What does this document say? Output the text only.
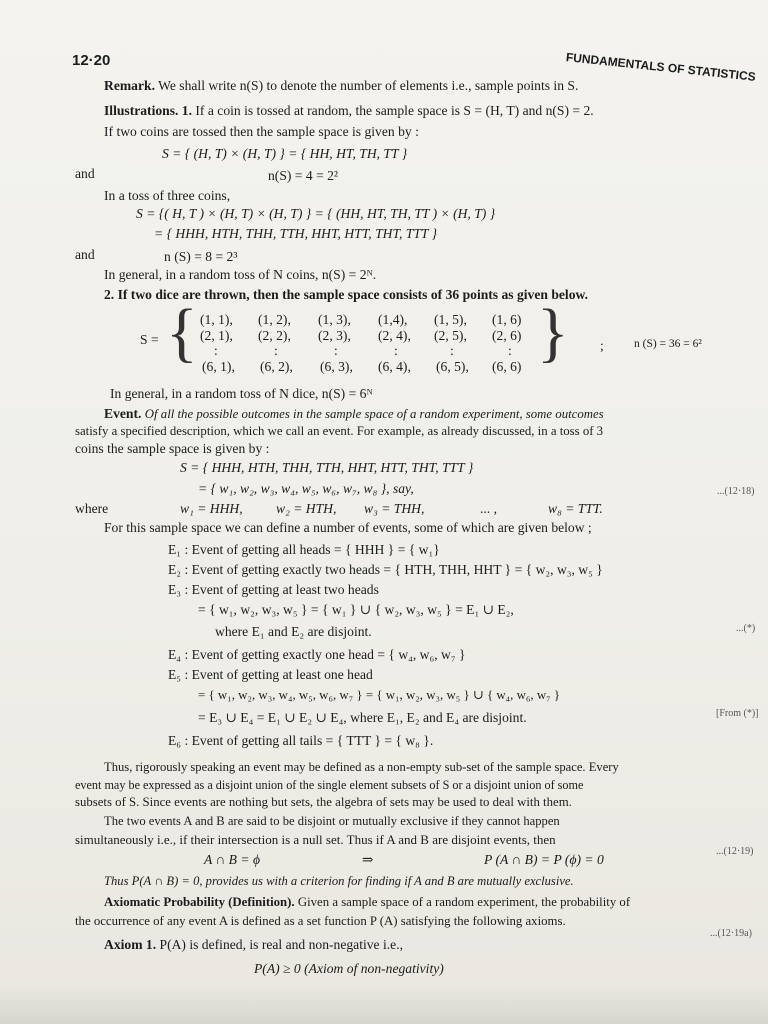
12·20	FUNDAMENTALS OF STATISTICS
Remark. We shall write n(S) to denote the number of elements i.e., sample points in S.
Illustrations. 1. If a coin is tossed at random, the sample space is S = (H, T) and n(S) = 2.
If two coins are tossed then the sample space is given by :
S = { (H, T) × (H, T) } = { HH, HT, TH, TT }
and	n(S) = 4 = 2²
In a toss of three coins,
S = {( H, T ) × (H, T) × (H, T) } = { (HH, HT, TH, TT ) × (H, T) }
= { HHH, HTH, THH, TTH, HHT, HTT, THT, TTT }
and	n (S) = 8 = 2³
In general, in a random toss of N coins, n(S) = 2ᴺ.
2. If two dice are thrown, then the sample space consists of 36 points as given below.
S = {	}
(1, 1), (1, 2), (1, 3), (1,4), (1, 5), (1, 6)
(2, 1), (2, 2), (2, 3), (2, 4), (2, 5), (2, 6)
:	:	:	:	:	:
(6, 1), (6, 2), (6, 3), (6, 4), (6, 5), (6, 6)
;	n (S) = 36 = 6²
In general, in a random toss of N dice, n(S) = 6ᴺ
Event. Of all the possible outcomes in the sample space of a random experiment, some outcomes
satisfy a specified description, which we call an event. For example, as already discussed, in a toss of 3
coins the sample space is given by :
S = { HHH, HTH, THH, TTH, HHT, HTT, THT, TTT }
= { w₁, w₂, w₃, w₄, w₅, w₆, w₇, w₈ }, say,	...(12·18)
where	w₁ = HHH, w₂ = HTH, w₃ = THH,	... ,	w₈ = TTT.
For this sample space we can define a number of events, some of which are given below ;
E₁ : Event of getting all heads = { HHH } = { w₁}
E₂ : Event of getting exactly two heads = { HTH, THH, HHT } = { w₂, w₃, w₅ }
E₃ : Event of getting at least two heads
= { w₁, w₂, w₃, w₅ } = { w₁ } ∪ { w₂, w₃, w₅ } = E₁ ∪ E₂,
where E₁ and E₂ are disjoint.	...(*)
E₄ : Event of getting exactly one head = { w₄, w₆, w₇ }
E₅ : Event of getting at least one head
= { w₁, w₂, w₃, w₄, w₅, w₆, w₇ } = { w₁, w₂, w₃, w₅ } ∪ { w₄, w₆, w₇ }
= E₃ ∪ E₄ = E₁ ∪ E₂ ∪ E₄, where E₁, E₂ and E₄ are disjoint.	[From (*)]
E₆ : Event of getting all tails = { TTT } = { w₈ }.
Thus, rigorously speaking an event may be defined as a non-empty sub-set of the sample space. Every
event may be expressed as a disjoint union of the single element subsets of S or a disjoint union of some
subsets of S. Since events are nothing but sets, the algebra of sets may be used to deal with them.
The two events A and B are said to be disjoint or mutually exclusive if they cannot happen
simultaneously i.e., if their intersection is a null set. Thus if A and B are disjoint events, then
A ∩ B = ϕ	⇒	P (A ∩ B) = P (ϕ) = 0
...(12·19)
Thus P(A ∩ B) = 0, provides us with a criterion for finding if A and B are mutually exclusive.
Axiomatic Probability (Definition). Given a sample space of a random experiment, the probability of
the occurrence of any event A is defined as a set function P (A) satisfying the following axioms.
Axiom 1. P(A) is defined, is real and non-negative i.e.,
...(12·19a)
P(A) ≥ 0 (Axiom of non-negativity)
